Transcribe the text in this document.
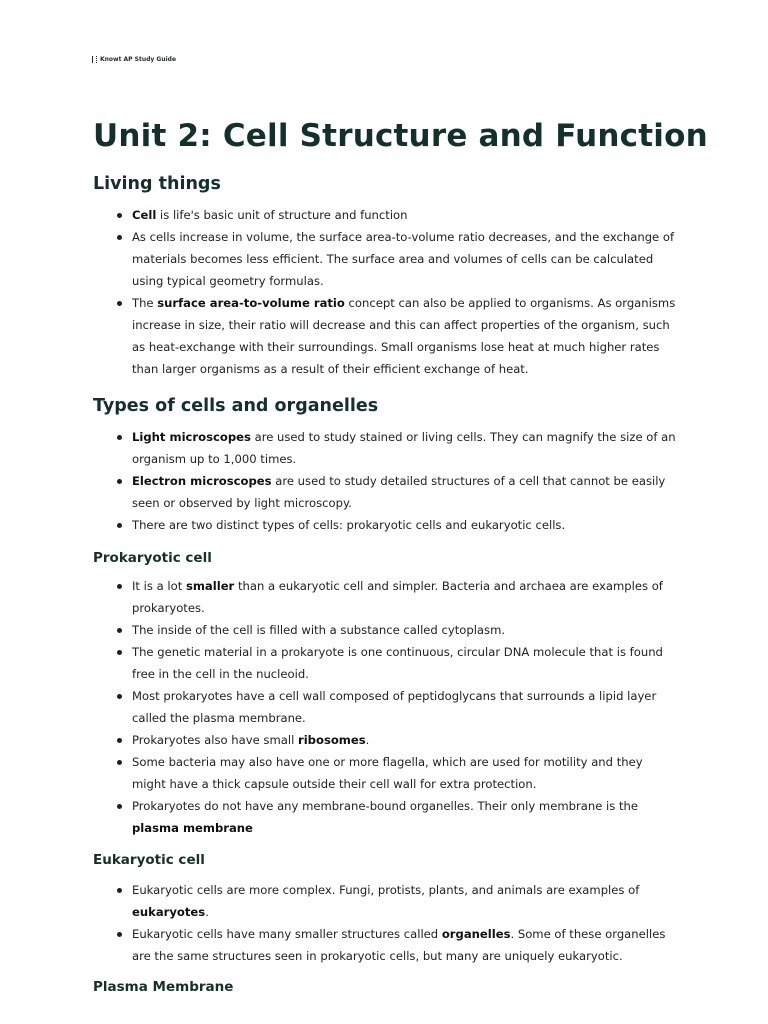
Knowt AP Study Guide
Unit 2: Cell Structure and Function
Living things
Cell is life's basic unit of structure and function
As cells increase in volume, the surface area-to-volume ratio decreases, and the exchange of materials becomes less efficient. The surface area and volumes of cells can be calculated using typical geometry formulas.
The surface area-to-volume ratio concept can also be applied to organisms. As organisms increase in size, their ratio will decrease and this can affect properties of the organism, such as heat-exchange with their surroundings. Small organisms lose heat at much higher rates than larger organisms as a result of their efficient exchange of heat.
Types of cells and organelles
Light microscopes are used to study stained or living cells. They can magnify the size of an organism up to 1,000 times.
Electron microscopes are used to study detailed structures of a cell that cannot be easily seen or observed by light microscopy.
There are two distinct types of cells: prokaryotic cells and eukaryotic cells.
Prokaryotic cell
It is a lot smaller than a eukaryotic cell and simpler. Bacteria and archaea are examples of prokaryotes.
The inside of the cell is filled with a substance called cytoplasm.
The genetic material in a prokaryote is one continuous, circular DNA molecule that is found free in the cell in the nucleoid.
Most prokaryotes have a cell wall composed of peptidoglycans that surrounds a lipid layer called the plasma membrane.
Prokaryotes also have small ribosomes.
Some bacteria may also have one or more flagella, which are used for motility and they might have a thick capsule outside their cell wall for extra protection.
Prokaryotes do not have any membrane-bound organelles. Their only membrane is the plasma membrane
Eukaryotic cell
Eukaryotic cells are more complex. Fungi, protists, plants, and animals are examples of eukaryotes.
Eukaryotic cells have many smaller structures called organelles. Some of these organelles are the same structures seen in prokaryotic cells, but many are uniquely eukaryotic.
Plasma Membrane
